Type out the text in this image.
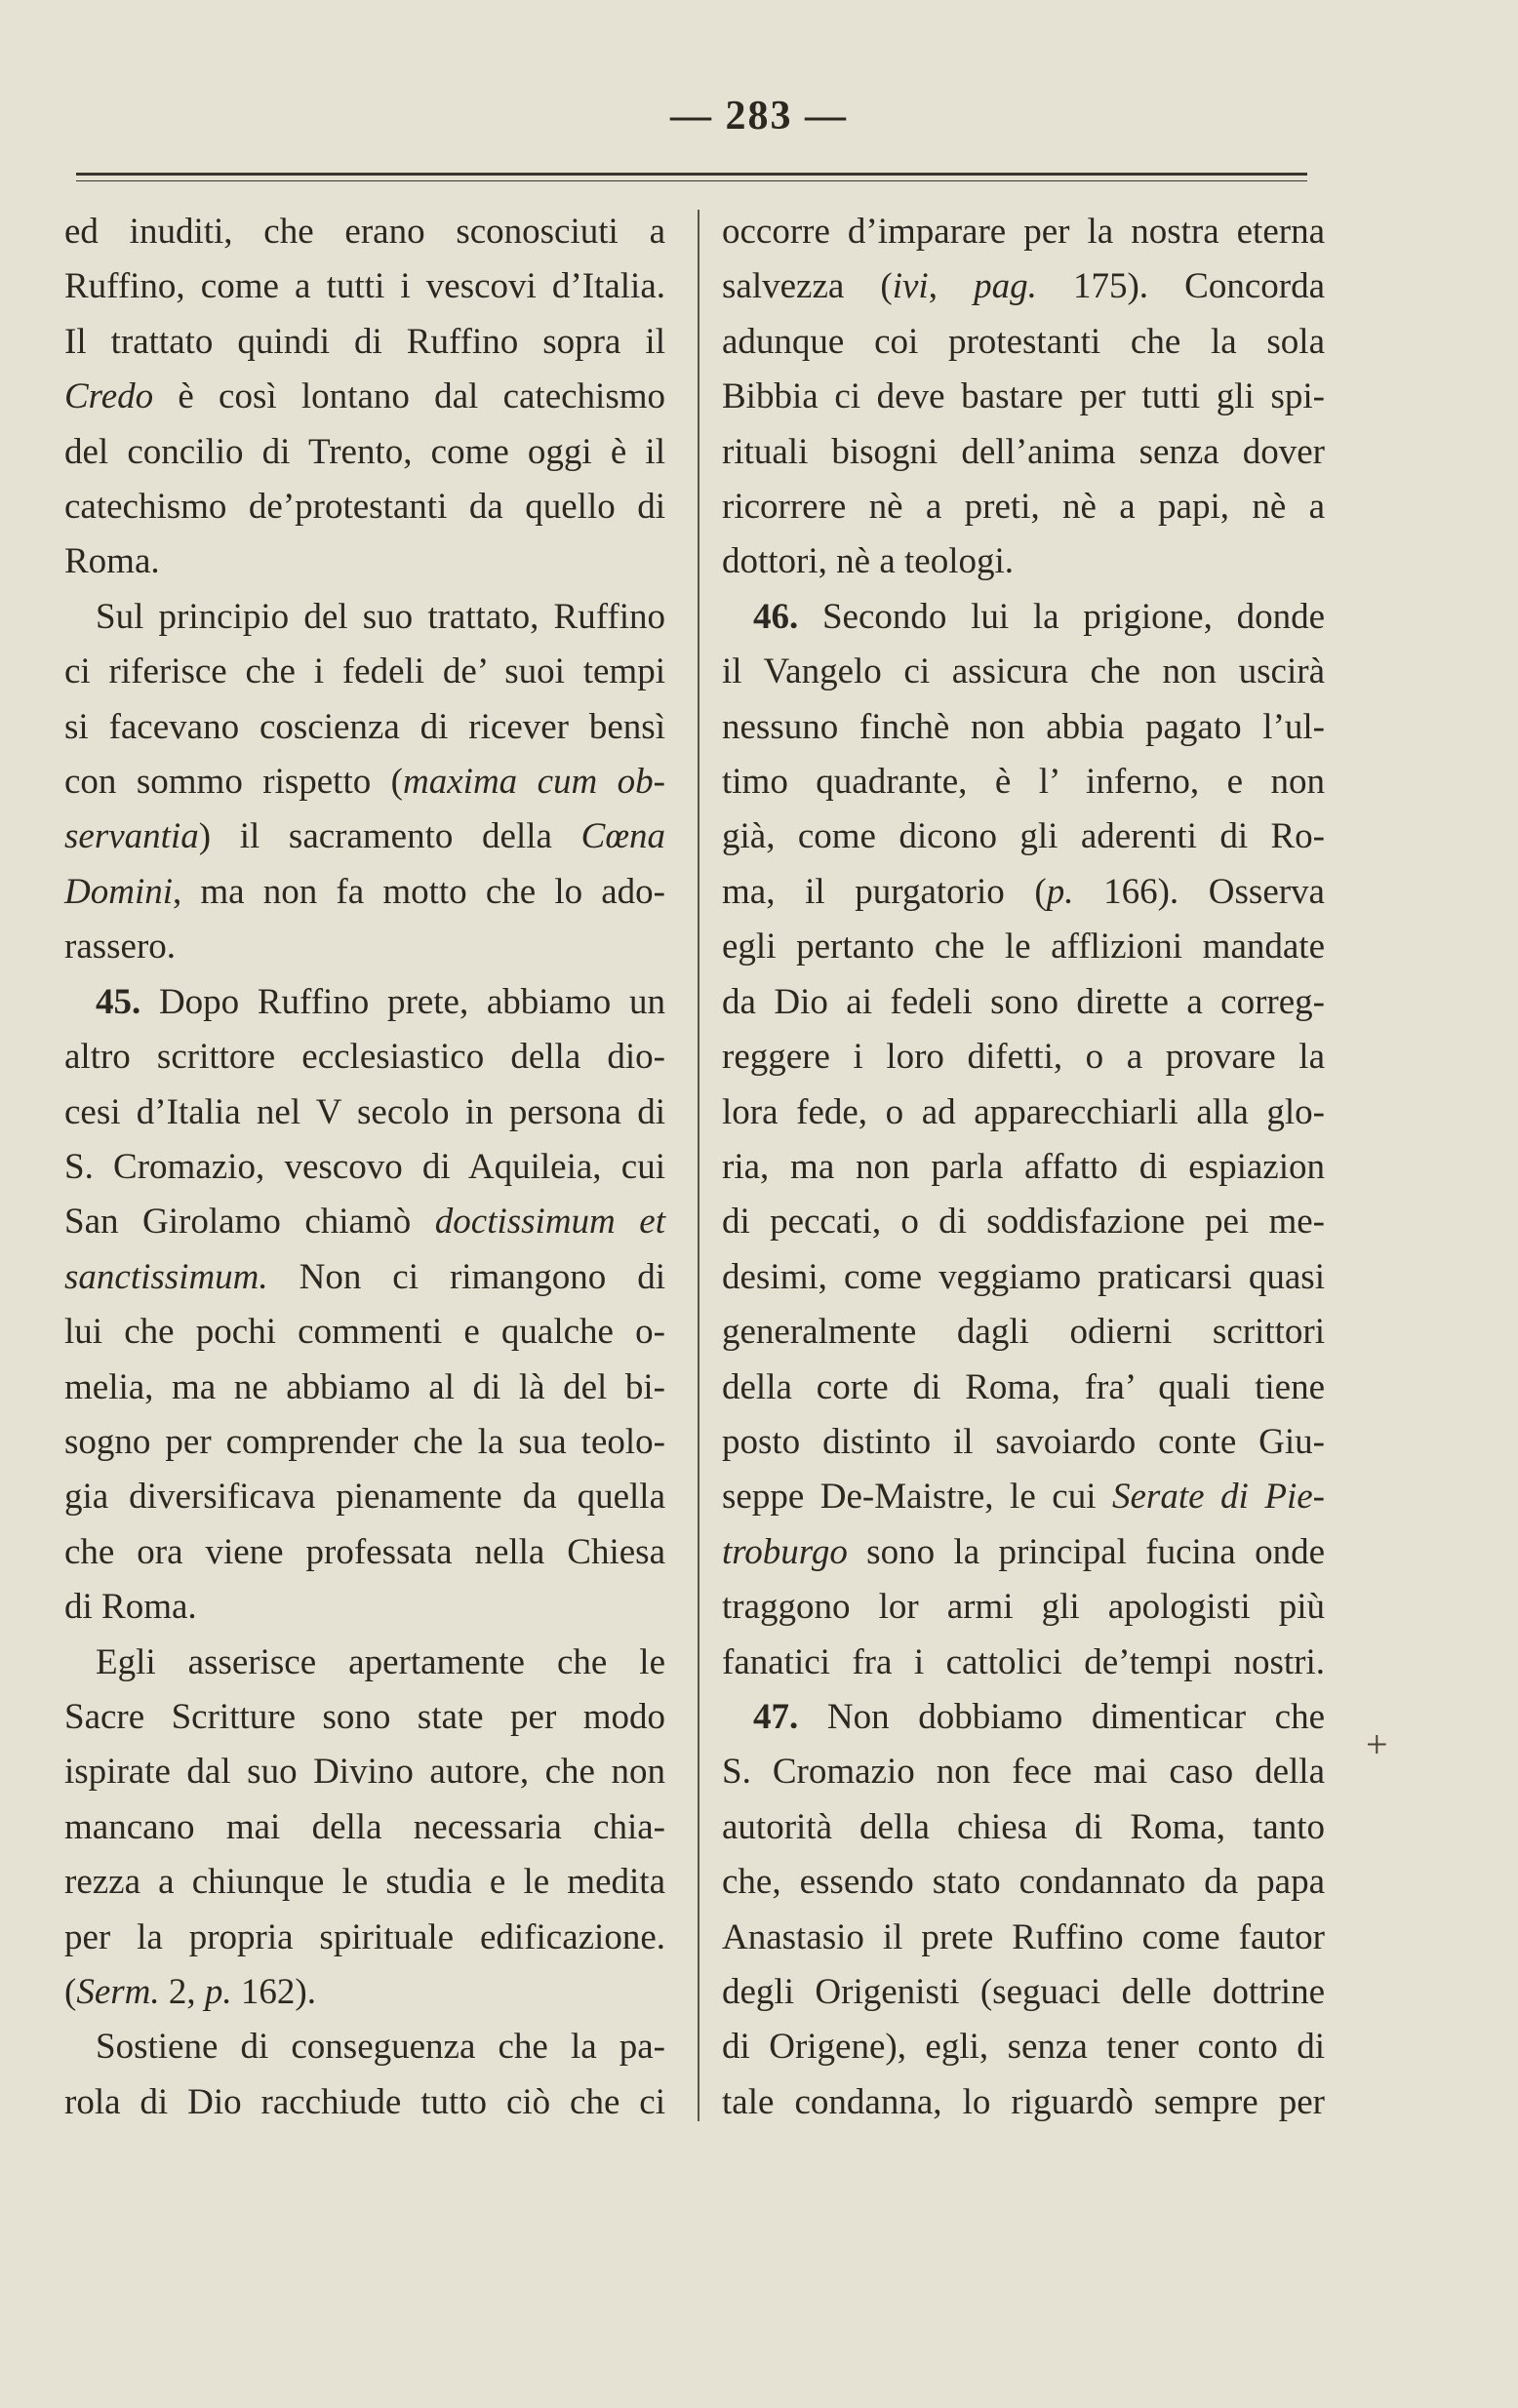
— 283 —
ed inuditi, che erano sconosciuti a
Ruffino, come a tutti i vescovi d’Italia.
Il trattato quindi di Ruffino sopra il
Credo è così lontano dal catechismo
del concilio di Trento, come oggi è il
catechismo de’protestanti da quello di
Roma.
Sul principio del suo trattato, Ruffino
ci riferisce che i fedeli de’ suoi tempi
si facevano coscienza di ricever bensì
con sommo rispetto (maxima cum ob-
servantia) il sacramento della Cœna
Domini, ma non fa motto che lo ado-
rassero.
45. Dopo Ruffino prete, abbiamo un
altro scrittore ecclesiastico della dio-
cesi d’Italia nel V secolo in persona di
S. Cromazio, vescovo di Aquileia, cui
San Girolamo chiamò doctissimum et
sanctissimum. Non ci rimangono di
lui che pochi commenti e qualche o-
melia, ma ne abbiamo al di là del bi-
sogno per comprender che la sua teolo-
gia diversificava pienamente da quella
che ora viene professata nella Chiesa
di Roma.
Egli asserisce apertamente che le
Sacre Scritture sono state per modo
ispirate dal suo Divino autore, che non
mancano mai della necessaria chia-
rezza a chiunque le studia e le medita
per la propria spirituale edificazione.
(Serm. 2, p. 162).
Sostiene di conseguenza che la pa-
rola di Dio racchiude tutto ciò che ci
occorre d’imparare per la nostra eterna
salvezza (ivi, pag. 175). Concorda
adunque coi protestanti che la sola
Bibbia ci deve bastare per tutti gli spi-
rituali bisogni dell’anima senza dover
ricorrere nè a preti, nè a papi, nè a
dottori, nè a teologi.
46. Secondo lui la prigione, donde
il Vangelo ci assicura che non uscirà
nessuno finchè non abbia pagato l’ul-
timo quadrante, è l’ inferno, e non
già, come dicono gli aderenti di Ro-
ma, il purgatorio (p. 166). Osserva
egli pertanto che le afflizioni mandate
da Dio ai fedeli sono dirette a correg-
reggere i loro difetti, o a provare la
lora fede, o ad apparecchiarli alla glo-
ria, ma non parla affatto di espiazion
di peccati, o di soddisfazione pei me-
desimi, come veggiamo praticarsi quasi
generalmente dagli odierni scrittori
della corte di Roma, fra’ quali tiene
posto distinto il savoiardo conte Giu-
seppe De-Maistre, le cui Serate di Pie-
troburgo sono la principal fucina onde
traggono lor armi gli apologisti più
fanatici fra i cattolici de’tempi nostri.
47. Non dobbiamo dimenticar che
S. Cromazio non fece mai caso della
autorità della chiesa di Roma, tanto
che, essendo stato condannato da papa
Anastasio il prete Ruffino come fautor
degli Origenisti (seguaci delle dottrine
di Origene), egli, senza tener conto di
tale condanna, lo riguardò sempre per
+
